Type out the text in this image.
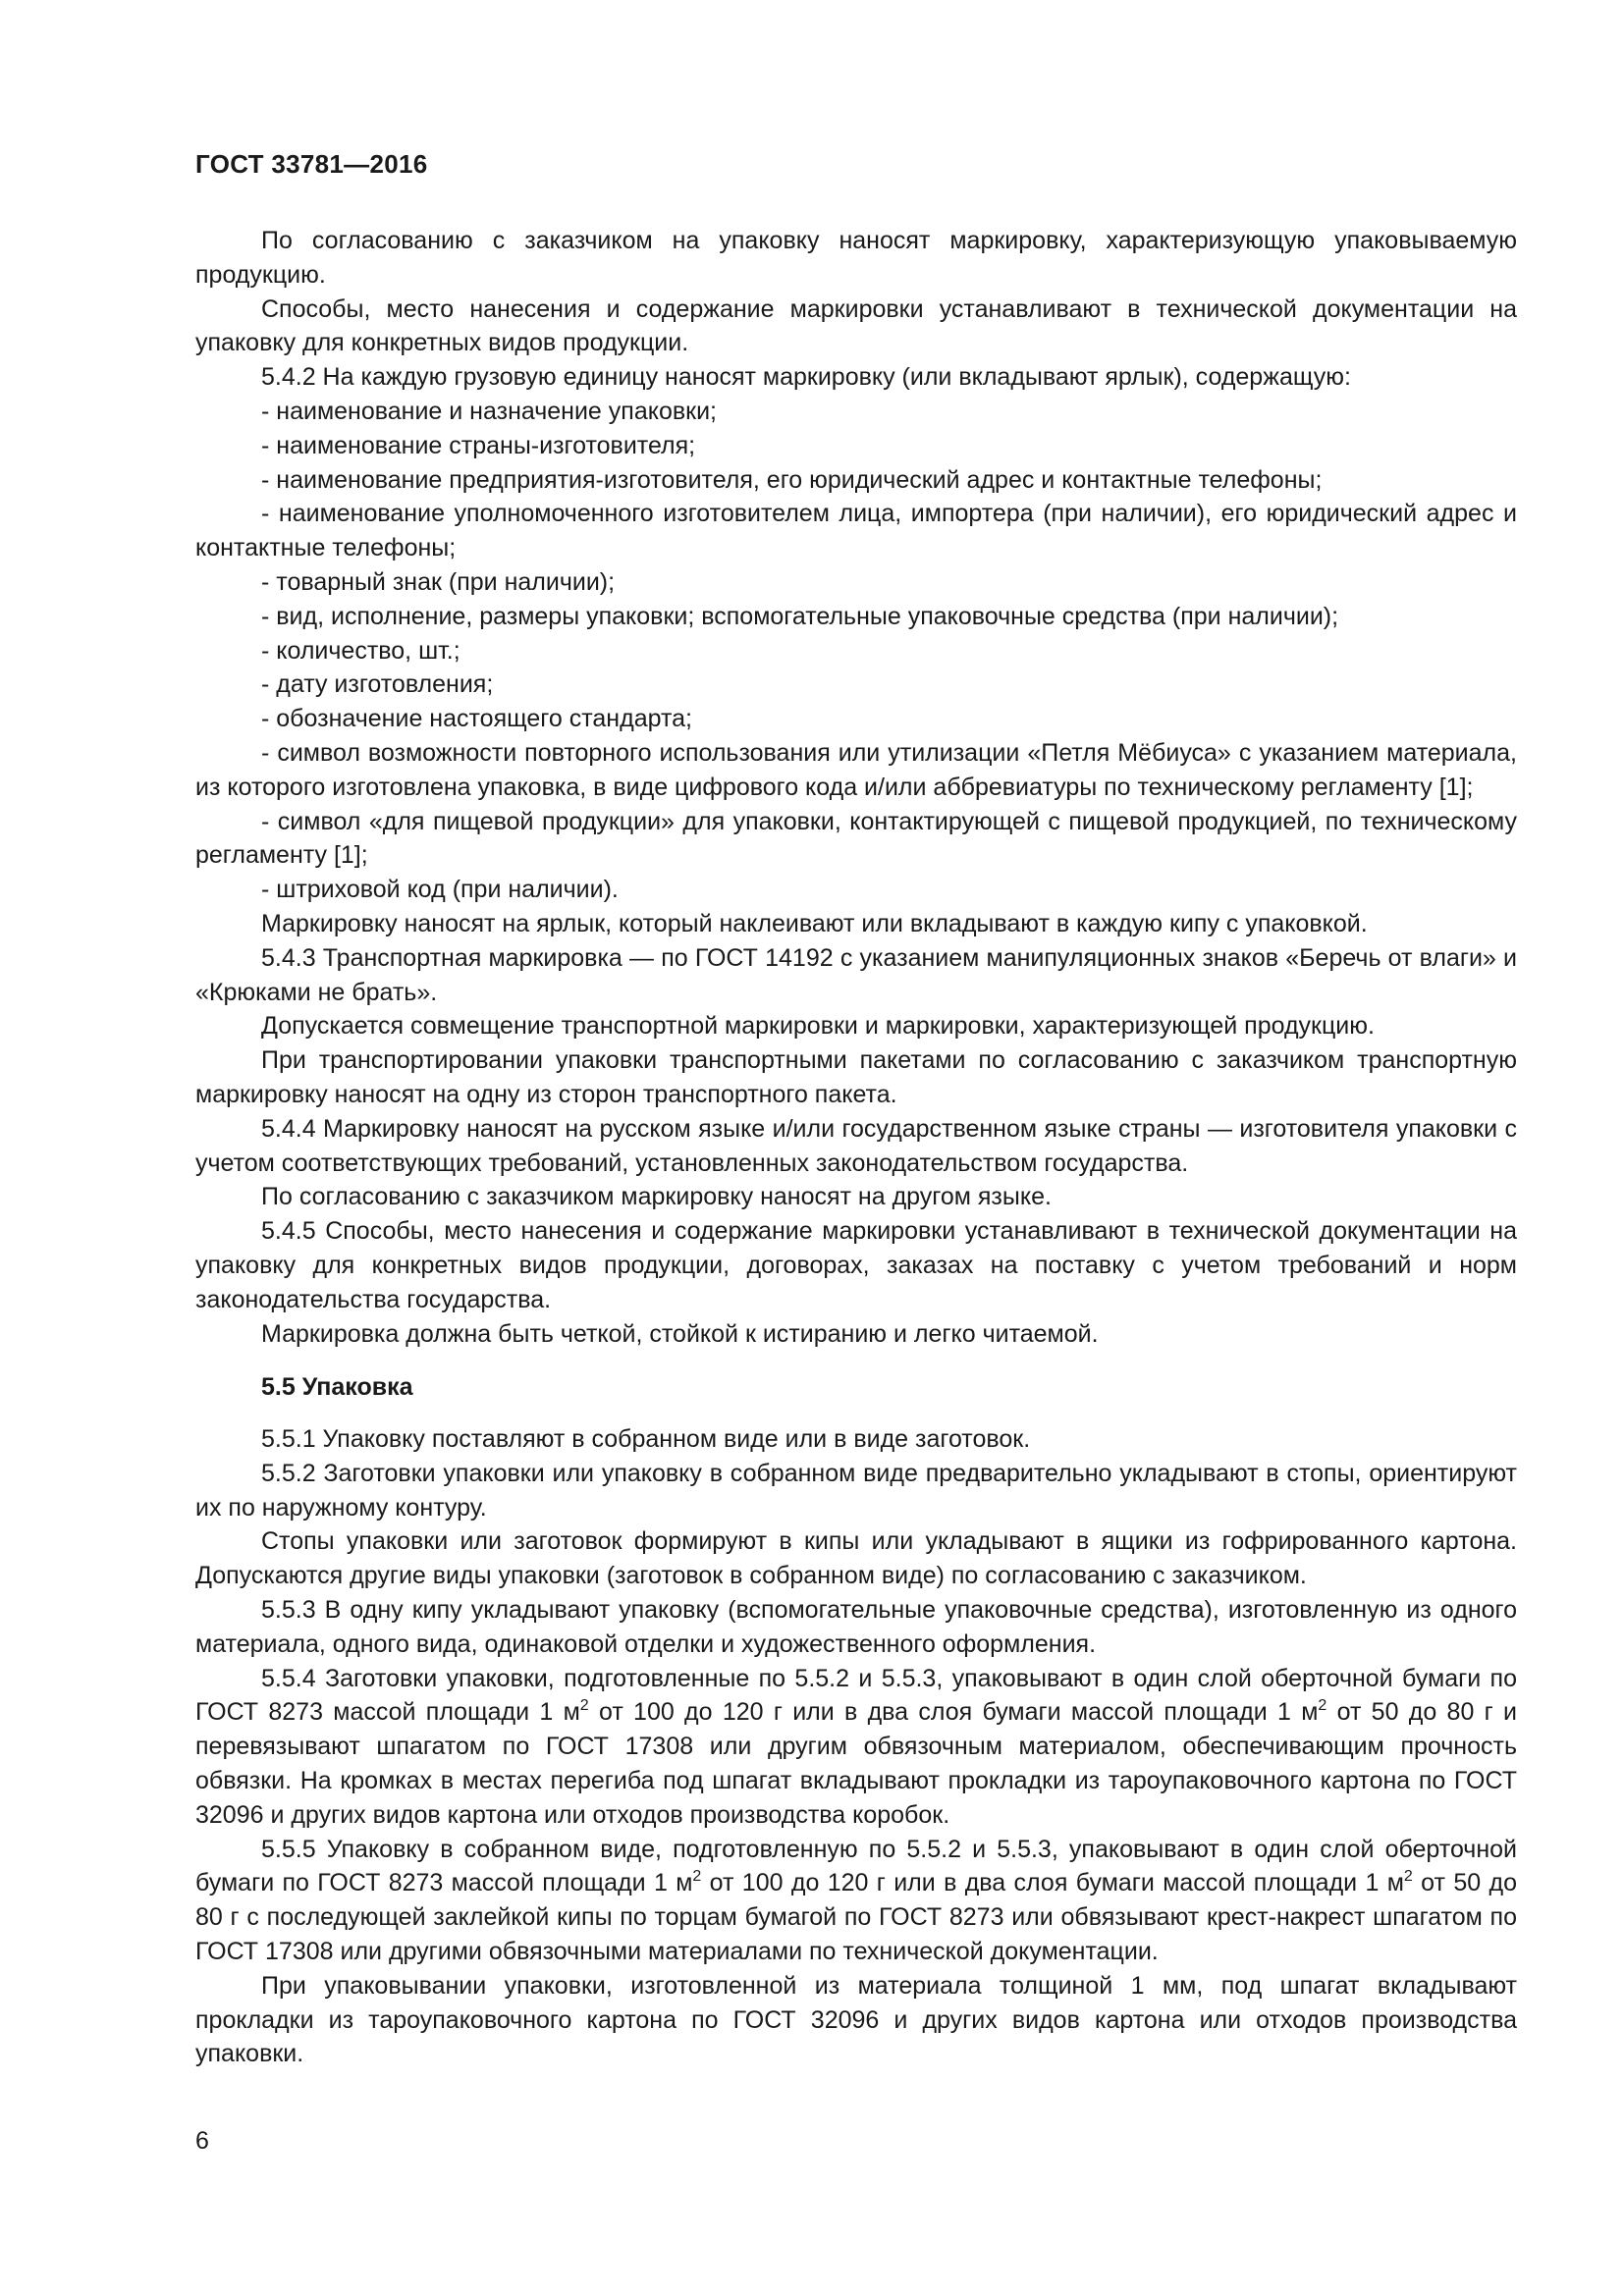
ГОСТ 33781—2016

По согласованию с заказчиком на упаковку наносят маркировку, характеризующую упаковываемую продукцию.

Способы, место нанесения и содержание маркировки устанавливают в технической документации на упаковку для конкретных видов продукции.

5.4.2 На каждую грузовую единицу наносят маркировку (или вкладывают ярлык), содержащую:

- наименование и назначение упаковки;

- наименование страны-изготовителя;

- наименование предприятия-изготовителя, его юридический адрес и контактные телефоны;

- наименование уполномоченного изготовителем лица, импортера (при наличии), его юридический адрес и контактные телефоны;

- товарный знак (при наличии);

- вид, исполнение, размеры упаковки; вспомогательные упаковочные средства (при наличии);

- количество, шт.;

- дату изготовления;

- обозначение настоящего стандарта;

- символ возможности повторного использования или утилизации «Петля Мёбиуса» с указанием материала, из которого изготовлена упаковка, в виде цифрового кода и/или аббревиатуры по техническому регламенту [1];

- символ «для пищевой продукции» для упаковки, контактирующей с пищевой продукцией, по техническому регламенту [1];

- штриховой код (при наличии).

Маркировку наносят на ярлык, который наклеивают или вкладывают в каждую кипу с упаковкой.

5.4.3 Транспортная маркировка — по ГОСТ 14192 с указанием манипуляционных знаков «Беречь от влаги» и «Крюками не брать».

Допускается совмещение транспортной маркировки и маркировки, характеризующей продукцию.

При транспортировании упаковки транспортными пакетами по согласованию с заказчиком транспортную маркировку наносят на одну из сторон транспортного пакета.

5.4.4 Маркировку наносят на русском языке и/или государственном языке страны — изготовителя упаковки с учетом соответствующих требований, установленных законодательством государства.

По согласованию с заказчиком маркировку наносят на другом языке.

5.4.5 Способы, место нанесения и содержание маркировки устанавливают в технической документации на упаковку для конкретных видов продукции, договорах, заказах на поставку с учетом требований и норм законодательства государства.

Маркировка должна быть четкой, стойкой к истиранию и легко читаемой.

5.5 Упаковка

5.5.1 Упаковку поставляют в собранном виде или в виде заготовок.

5.5.2 Заготовки упаковки или упаковку в собранном виде предварительно укладывают в стопы, ориентируют их по наружному контуру.

Стопы упаковки или заготовок формируют в кипы или укладывают в ящики из гофрированного картона. Допускаются другие виды упаковки (заготовок в собранном виде) по согласованию с заказчиком.

5.5.3 В одну кипу укладывают упаковку (вспомогательные упаковочные средства), изготовленную из одного материала, одного вида, одинаковой отделки и художественного оформления.

5.5.4 Заготовки упаковки, подготовленные по 5.5.2 и 5.5.3, упаковывают в один слой оберточной бумаги по ГОСТ 8273 массой площади 1 $м^2$ от 100 до 120 г или в два слоя бумаги массой площади 1 $м^2$ от 50 до 80 г и перевязывают шпагатом по ГОСТ 17308 или другим обвязочным материалом, обеспечивающим прочность обвязки. На кромках в местах перегиба под шпагат вкладывают прокладки из тароупаковочного картона по ГОСТ 32096 и других видов картона или отходов производства коробок.

5.5.5 Упаковку в собранном виде, подготовленную по 5.5.2 и 5.5.3, упаковывают в один слой оберточной бумаги по ГОСТ 8273 массой площади 1 $м^2$ от 100 до 120 г или в два слоя бумаги массой площади 1 $м^2$ от 50 до 80 г с последующей заклейкой кипы по торцам бумагой по ГОСТ 8273 или обвязывают крест-накрест шпагатом по ГОСТ 17308 или другими обвязочными материалами по технической документации.

При упаковывании упаковки, изготовленной из материала толщиной 1 мм, под шпагат вкладывают прокладки из тароупаковочного картона по ГОСТ 32096 и других видов картона или отходов производства упаковки.

6
